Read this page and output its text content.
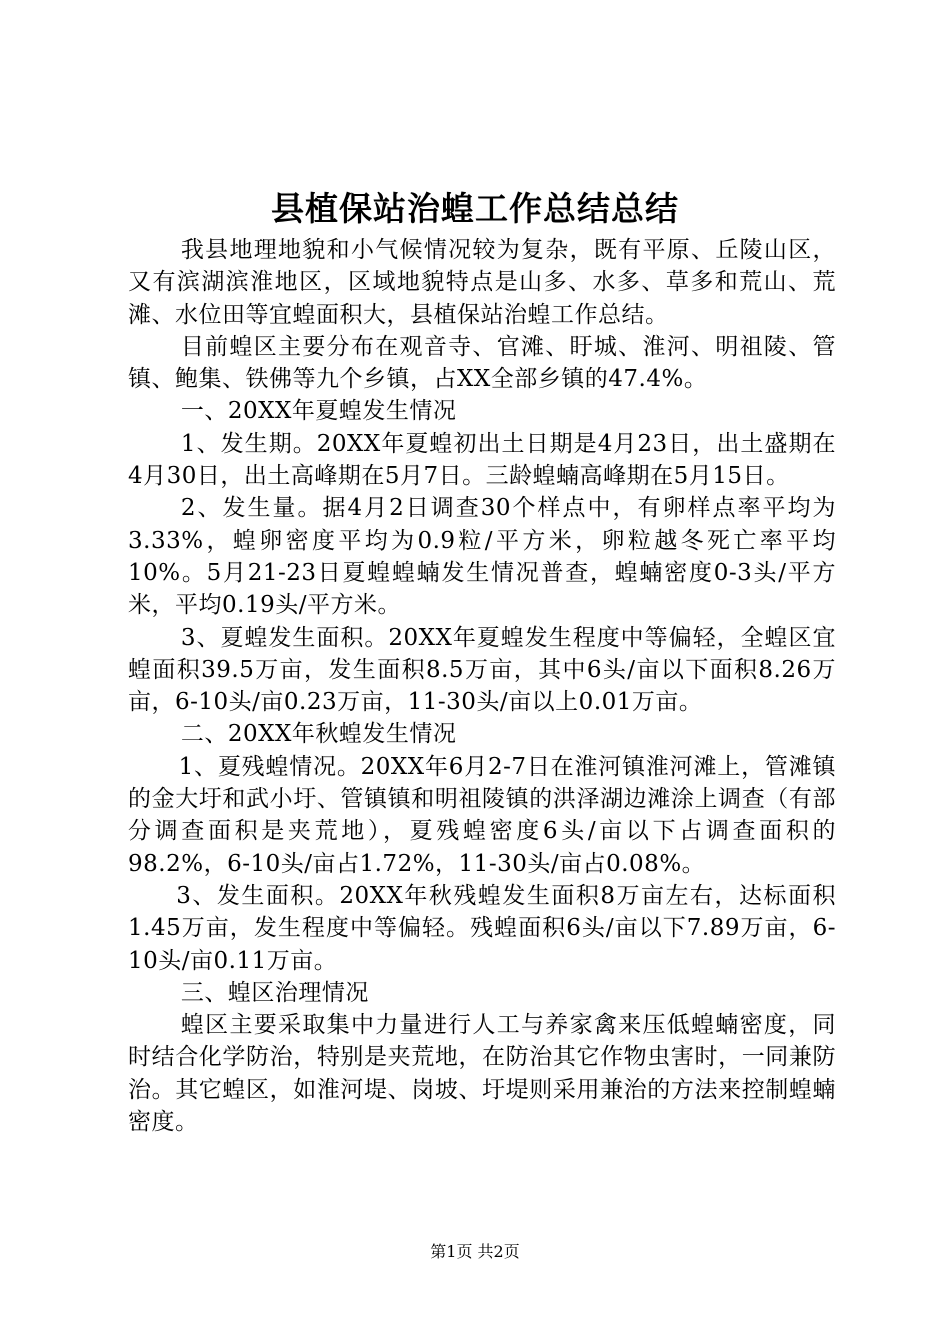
县植保站治蝗工作总结总结

我县地理地貌和小气候情况较为复杂，既有平原、丘陵山区，又有滨湖滨淮地区，区域地貌特点是山多、水多、草多和荒山、荒滩、水位田等宜蝗面积大，县植保站治蝗工作总结。

目前蝗区主要分布在观音寺、官滩、盱城、淮河、明祖陵、管镇、鲍集、铁佛等九个乡镇，占XX全部乡镇的47.4%。

一、20XX年夏蝗发生情况

1、发生期。20XX年夏蝗初出土日期是4月23日，出土盛期在4月30日，出土高峰期在5月7日。三龄蝗蝻高峰期在5月15日。

2、发生量。据4月2日调查30个样点中，有卵样点率平均为3.33%，蝗卵密度平均为0.9粒/平方米，卵粒越冬死亡率平均10%。5月21-23日夏蝗蝗蝻发生情况普查，蝗蝻密度0-3头/平方米，平均0.19头/平方米。

3、夏蝗发生面积。20XX年夏蝗发生程度中等偏轻，全蝗区宜蝗面积39.5万亩，发生面积8.5万亩，其中6头/亩以下面积8.26万亩，6-10头/亩0.23万亩，11-30头/亩以上0.01万亩。

二、20XX年秋蝗发生情况

1、夏残蝗情况。20XX年6月2-7日在淮河镇淮河滩上，管滩镇的金大圩和武小圩、管镇镇和明祖陵镇的洪泽湖边滩涂上调查（有部分调查面积是夹荒地），夏残蝗密度6头/亩以下占调查面积的98.2%，6-10头/亩占1.72%，11-30头/亩占0.08%。

3、发生面积。20XX年秋残蝗发生面积8万亩左右，达标面积1.45万亩，发生程度中等偏轻。残蝗面积6头/亩以下7.89万亩，6-10头/亩0.11万亩。

三、蝗区治理情况

蝗区主要采取集中力量进行人工与养家禽来压低蝗蝻密度，同时结合化学防治，特别是夹荒地，在防治其它作物虫害时，一同兼防治。其它蝗区，如淮河堤、岗坡、圩堤则采用兼治的方法来控制蝗蝻密度。

第1页 共2页
